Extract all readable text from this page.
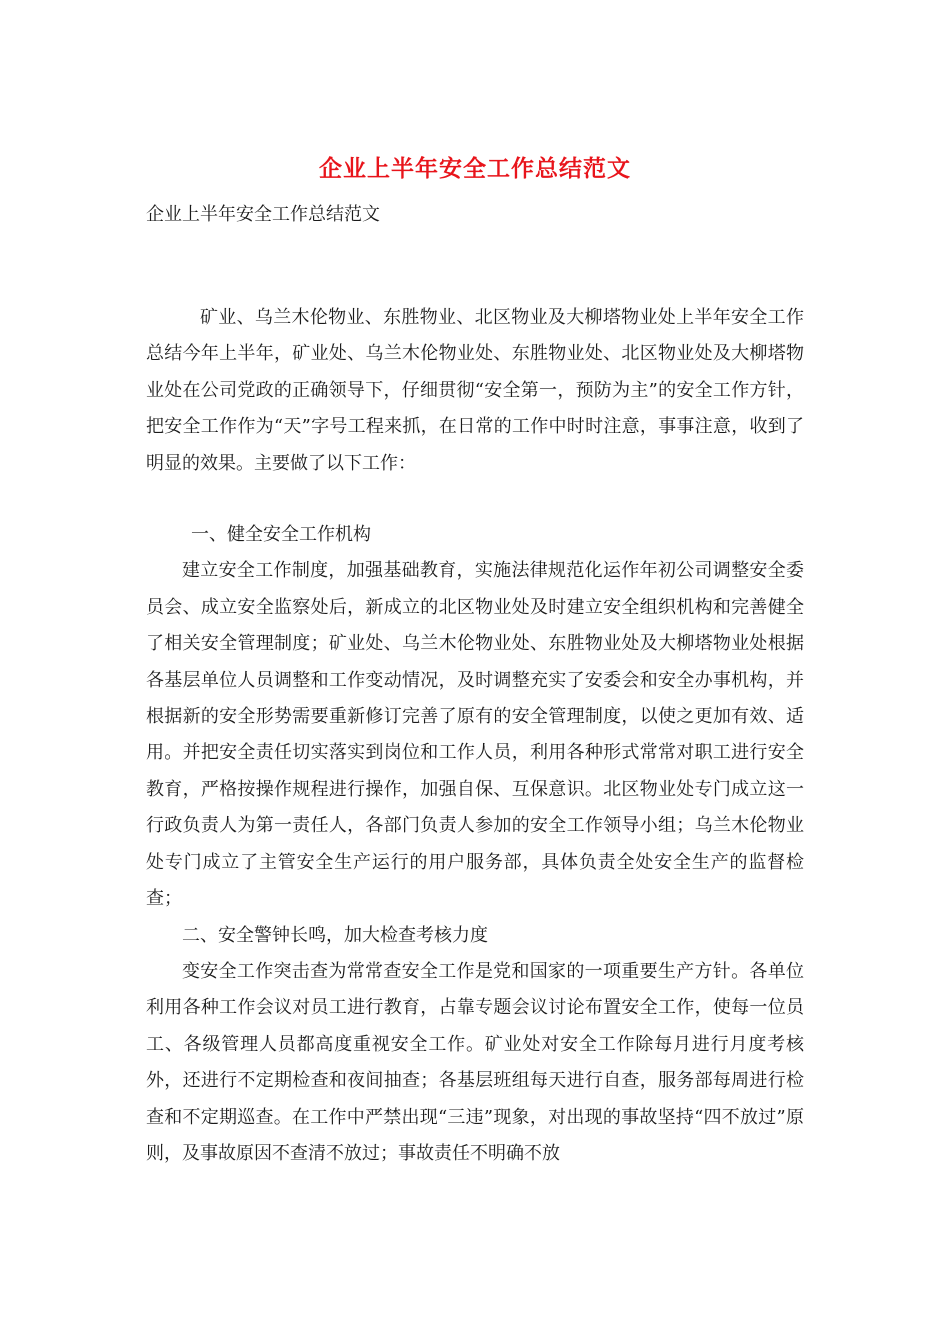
企业上半年安全工作总结范文
企业上半年安全工作总结范文

矿业、乌兰木伦物业、东胜物业、北区物业及大柳塔物业处上半年安全工作总结今年上半年，矿业处、乌兰木伦物业处、东胜物业处、北区物业处及大柳塔物业处在公司党政的正确领导下，仔细贯彻“安全第一，预防为主”的安全工作方针，把安全工作作为“天”字号工程来抓，在日常的工作中时时注意，事事注意，收到了明显的效果。主要做了以下工作：

一、健全安全工作机构

建立安全工作制度，加强基础教育，实施法律规范化运作年初公司调整安全委员会、成立安全监察处后，新成立的北区物业处及时建立安全组织机构和完善健全了相关安全管理制度；矿业处、乌兰木伦物业处、东胜物业处及大柳塔物业处根据各基层单位人员调整和工作变动情况，及时调整充实了安委会和安全办事机构，并根据新的安全形势需要重新修订完善了原有的安全管理制度，以使之更加有效、适用。并把安全责任切实落实到岗位和工作人员，利用各种形式常常对职工进行安全教育，严格按操作规程进行操作，加强自保、互保意识。北区物业处专门成立这一行政负责人为第一责任人，各部门负责人参加的安全工作领导小组；乌兰木伦物业处专门成立了主管安全生产运行的用户服务部，具体负责全处安全生产的监督检查；

二、安全警钟长鸣，加大检查考核力度

变安全工作突击查为常常查安全工作是党和国家的一项重要生产方针。各单位利用各种工作会议对员工进行教育，占靠专题会议讨论布置安全工作，使每一位员工、各级管理人员都高度重视安全工作。矿业处对安全工作除每月进行月度考核外，还进行不定期检查和夜间抽查；各基层班组每天进行自查，服务部每周进行检查和不定期巡查。在工作中严禁出现“三违”现象，对出现的事故坚持“四不放过”原则，及事故原因不查清不放过；事故责任不明确不放
